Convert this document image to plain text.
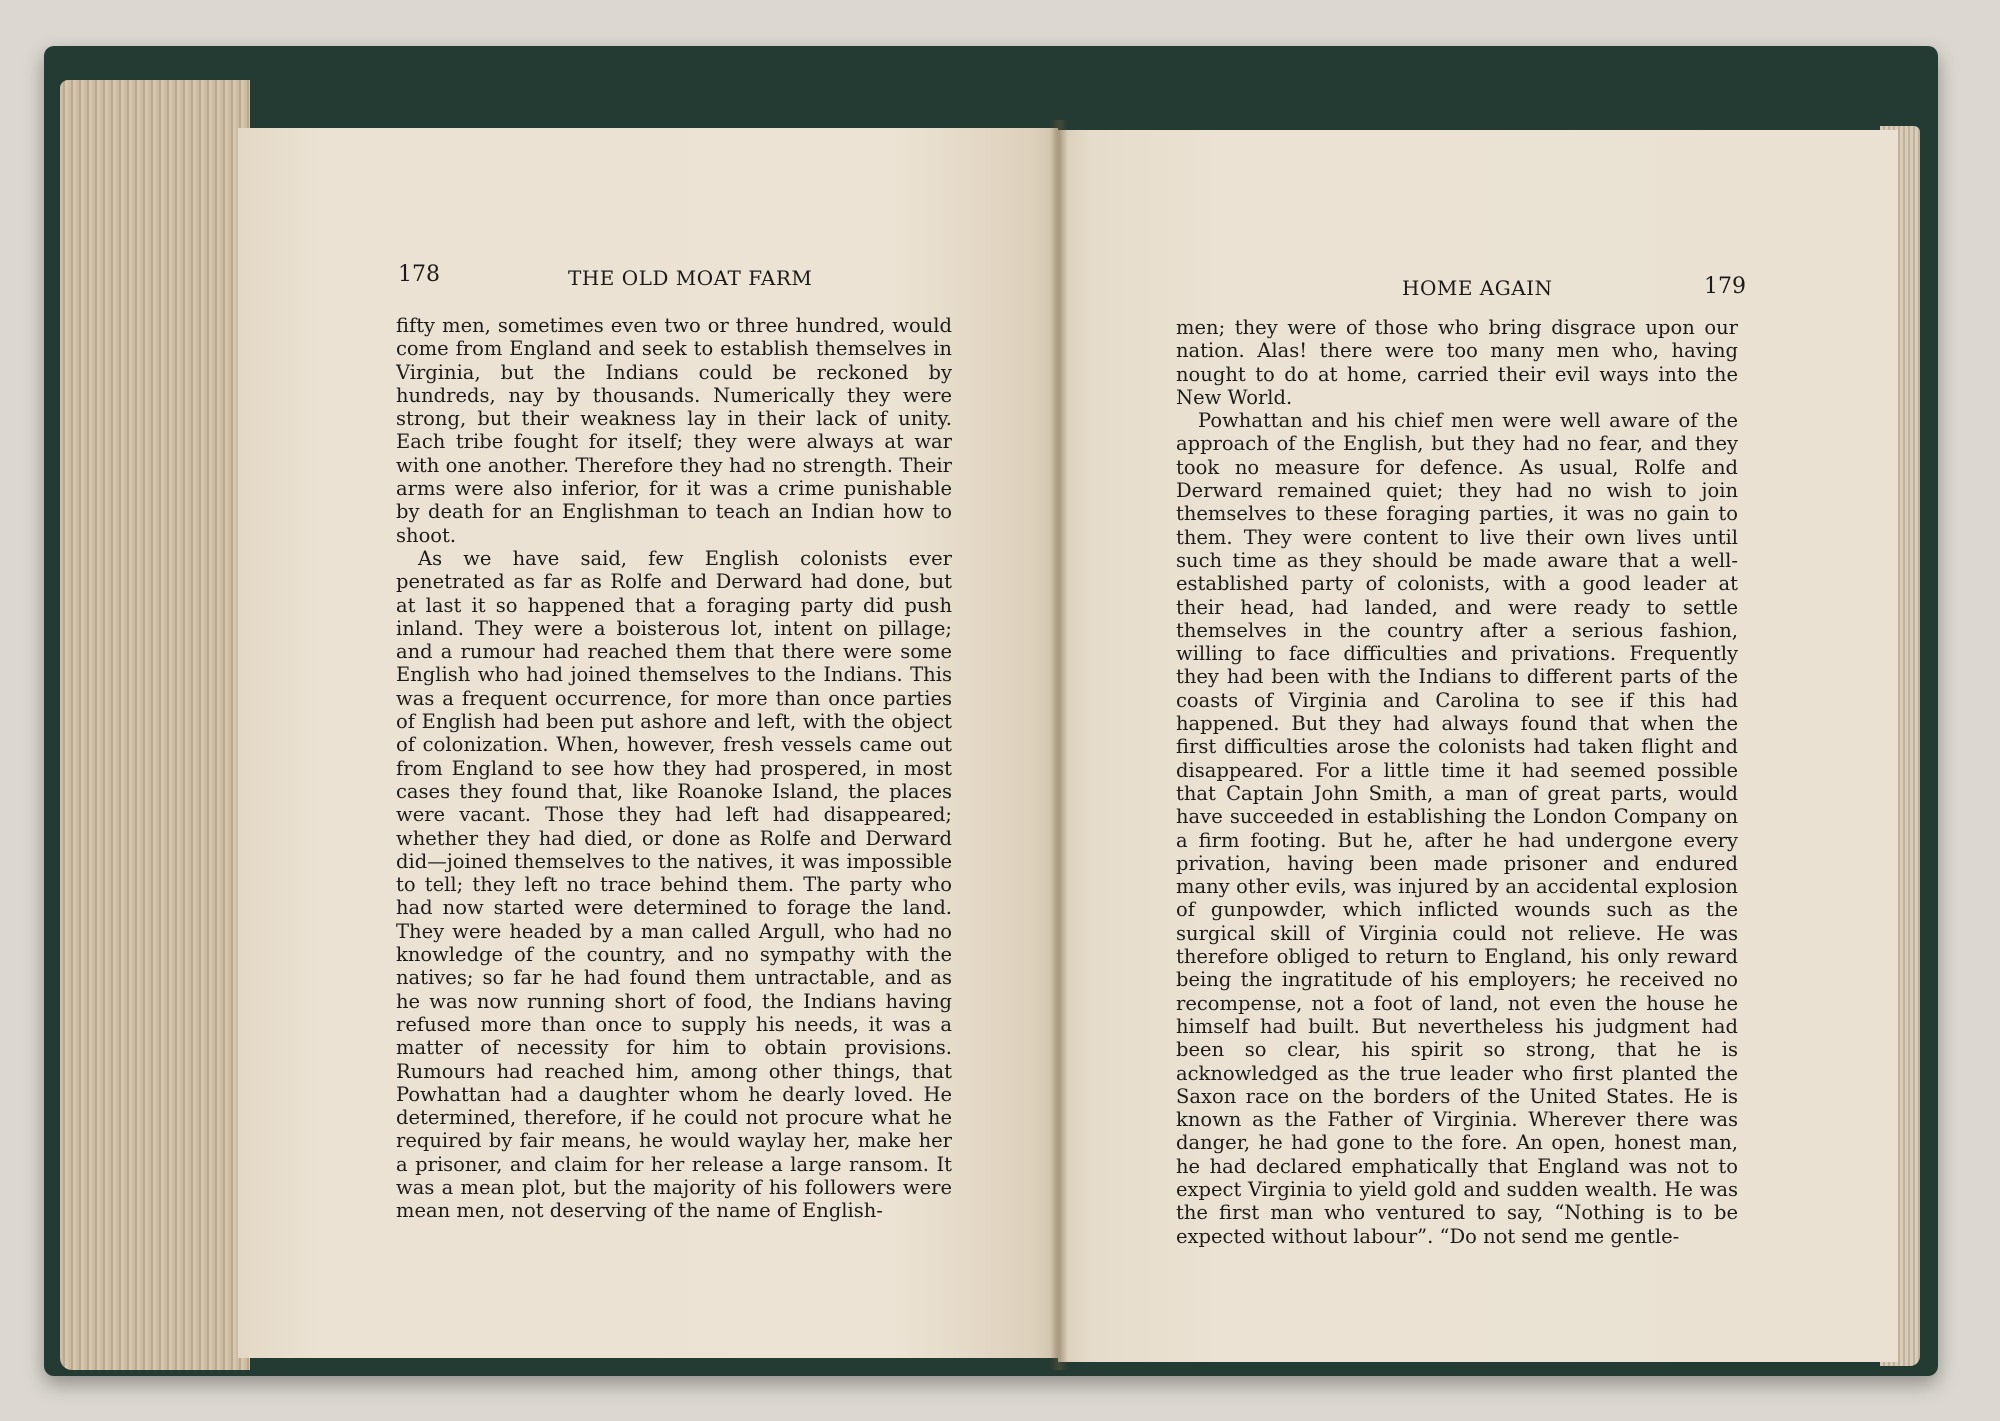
178	THE OLD MOAT FARM

fifty men, sometimes even two or three hundred, would come from England and seek to establish themselves in Virginia, but the Indians could be reckoned by hundreds, nay by thousands. Numerically they were strong, but their weakness lay in their lack of unity. Each tribe fought for itself; they were always at war with one another. Therefore they had no strength. Their arms were also inferior, for it was a crime punishable by death for an Englishman to teach an Indian how to shoot.

As we have said, few English colonists ever penetrated as far as Rolfe and Derward had done, but at last it so happened that a foraging party did push inland. They were a boisterous lot, intent on pillage; and a rumour had reached them that there were some English who had joined themselves to the Indians. This was a frequent occurrence, for more than once parties of English had been put ashore and left, with the object of colonization. When, however, fresh vessels came out from England to see how they had prospered, in most cases they found that, like Roanoke Island, the places were vacant. Those they had left had disappeared; whether they had died, or done as Rolfe and Derward did—joined themselves to the natives, it was impossible to tell; they left no trace behind them. The party who had now started were determined to forage the land. They were headed by a man called Argull, who had no knowledge of the country, and no sympathy with the natives; so far he had found them untractable, and as he was now running short of food, the Indians having refused more than once to supply his needs, it was a matter of necessity for him to obtain provisions. Rumours had reached him, among other things, that Powhattan had a daughter whom he dearly loved. He determined, therefore, if he could not procure what he required by fair means, he would waylay her, make her a prisoner, and claim for her release a large ransom. It was a mean plot, but the majority of his followers were mean men, not deserving of the name of English-

HOME AGAIN	179

men; they were of those who bring disgrace upon our nation. Alas! there were too many men who, having nought to do at home, carried their evil ways into the New World.

Powhattan and his chief men were well aware of the approach of the English, but they had no fear, and they took no measure for defence. As usual, Rolfe and Derward remained quiet; they had no wish to join themselves to these foraging parties, it was no gain to them. They were content to live their own lives until such time as they should be made aware that a well-established party of colonists, with a good leader at their head, had landed, and were ready to settle themselves in the country after a serious fashion, willing to face difficulties and privations. Frequently they had been with the Indians to different parts of the coasts of Virginia and Carolina to see if this had happened. But they had always found that when the first difficulties arose the colonists had taken flight and disappeared. For a little time it had seemed possible that Captain John Smith, a man of great parts, would have succeeded in establishing the London Company on a firm footing. But he, after he had undergone every privation, having been made prisoner and endured many other evils, was injured by an accidental explosion of gunpowder, which inflicted wounds such as the surgical skill of Virginia could not relieve. He was therefore obliged to return to England, his only reward being the ingratitude of his employers; he received no recompense, not a foot of land, not even the house he himself had built. But nevertheless his judgment had been so clear, his spirit so strong, that he is acknowledged as the true leader who first planted the Saxon race on the borders of the United States. He is known as the Father of Virginia. Wherever there was danger, he had gone to the fore. An open, honest man, he had declared emphatically that England was not to expect Virginia to yield gold and sudden wealth. He was the first man who ventured to say, “Nothing is to be expected without labour”. “Do not send me gentle-
